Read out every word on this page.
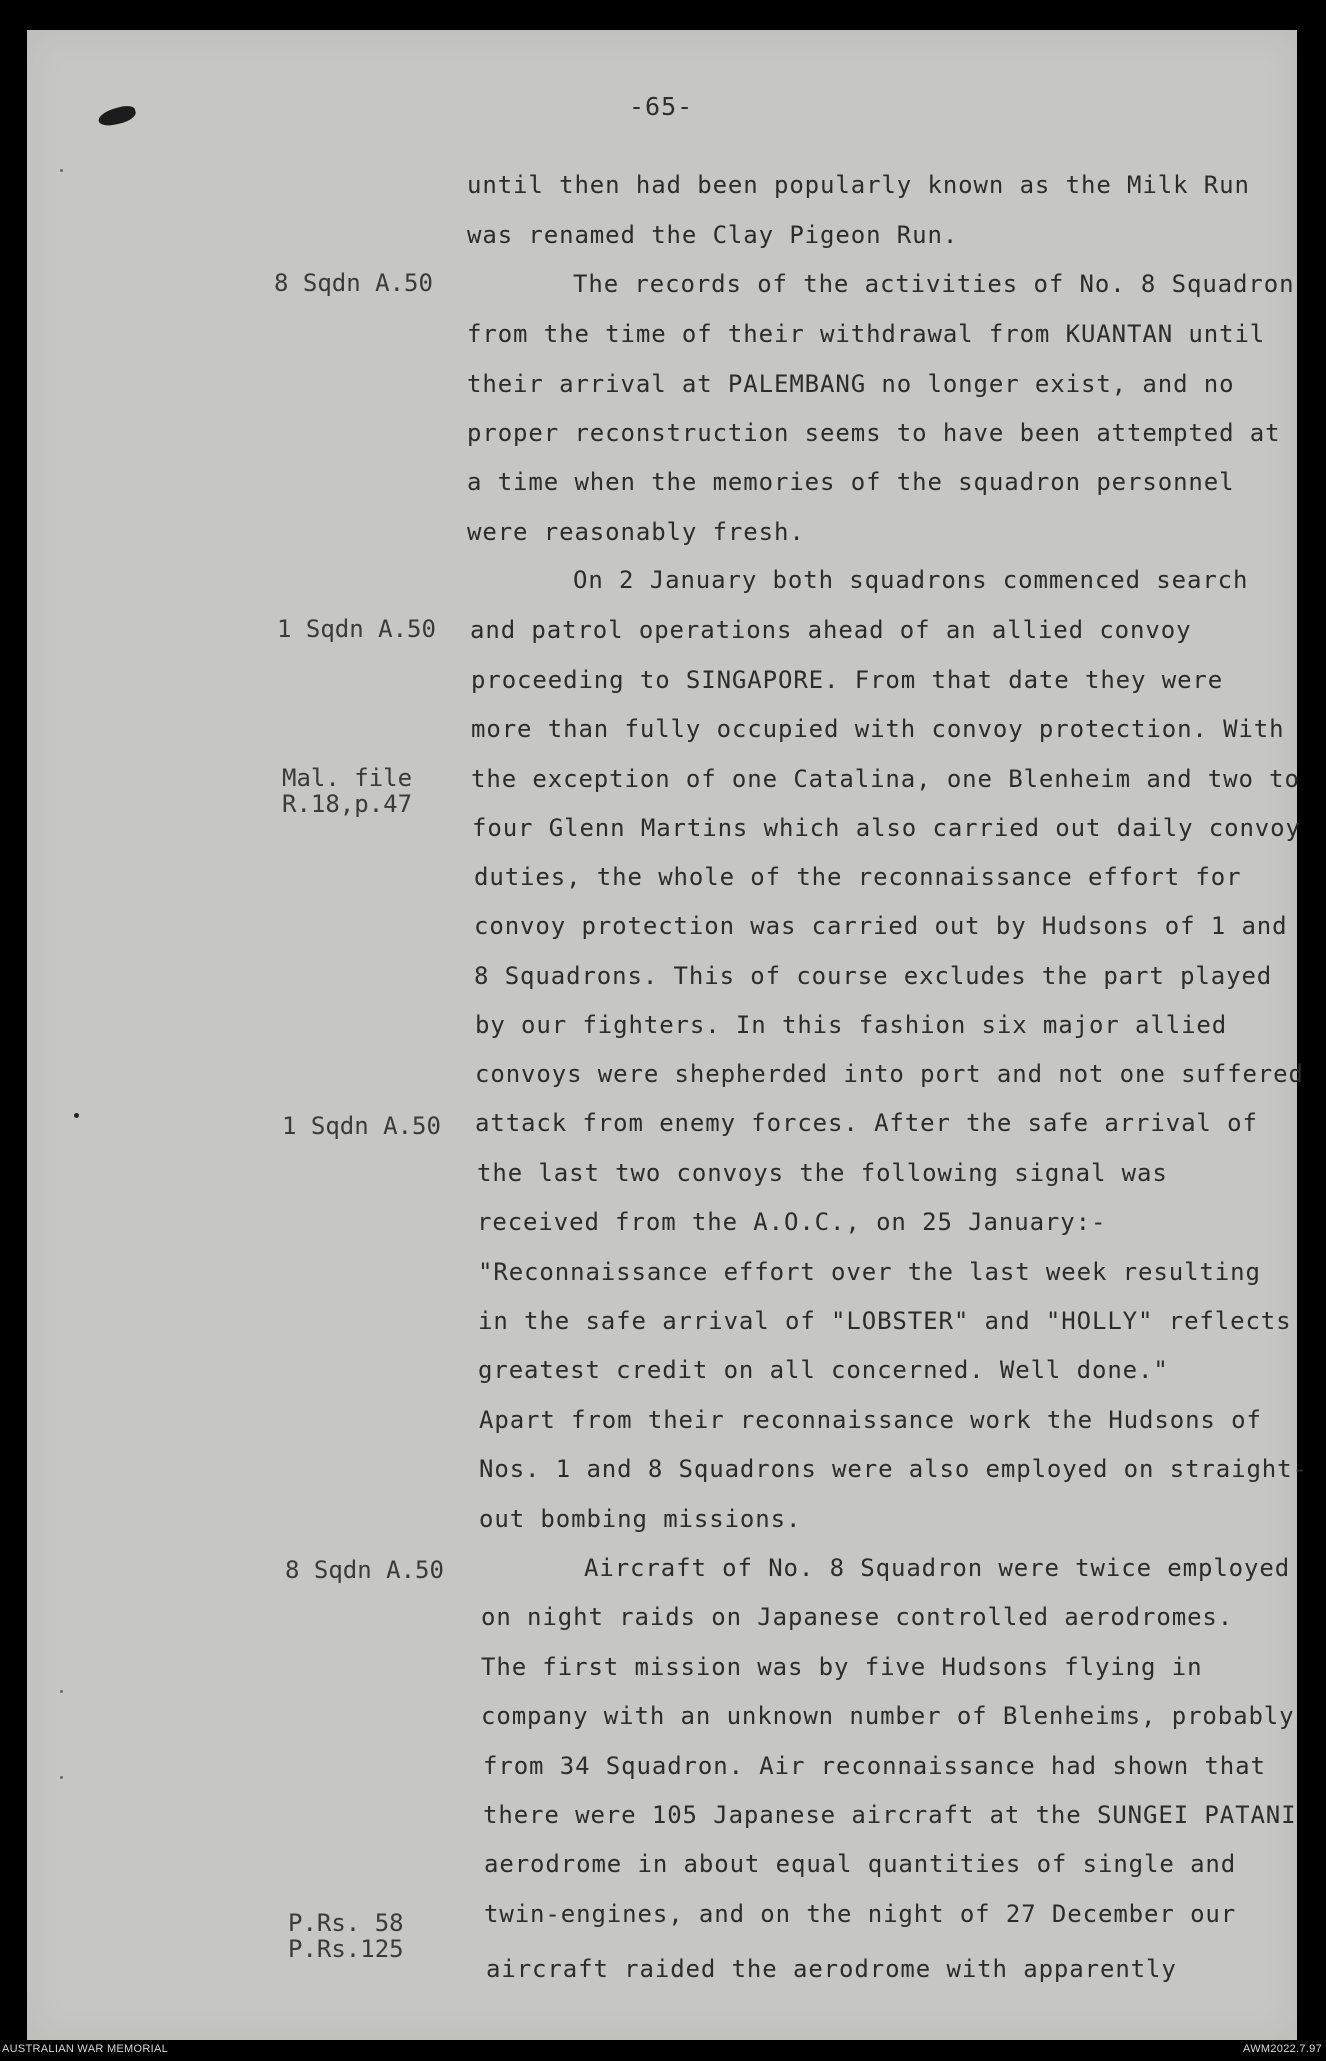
-65-
until then had been popularly known as the Milk Run
was renamed the Clay Pigeon Run.
The records of the activities of No. 8 Squadron
from the time of their withdrawal from KUANTAN until
their arrival at PALEMBANG no longer exist, and no
proper reconstruction seems to have been attempted at
a time when the memories of the squadron personnel
were reasonably fresh.
On 2 January both squadrons commenced search
and patrol operations ahead of an allied convoy
proceeding to SINGAPORE. From that date they were
more than fully occupied with convoy protection. With
the exception of one Catalina, one Blenheim and two to
four Glenn Martins which also carried out daily convoy
duties, the whole of the reconnaissance effort for
convoy protection was carried out by Hudsons of 1 and
8 Squadrons. This of course excludes the part played
by our fighters. In this fashion six major allied
convoys were shepherded into port and not one suffered
attack from enemy forces. After the safe arrival of
the last two convoys the following signal was
received from the A.O.C., on 25 January:-
"Reconnaissance effort over the last week resulting
in the safe arrival of "LOBSTER" and "HOLLY" reflects
greatest credit on all concerned. Well done."
Apart from their reconnaissance work the Hudsons of
Nos. 1 and 8 Squadrons were also employed on straight-
out bombing missions.
Aircraft of No. 8 Squadron were twice employed
on night raids on Japanese controlled aerodromes.
The first mission was by five Hudsons flying in
company with an unknown number of Blenheims, probably
from 34 Squadron. Air reconnaissance had shown that
there were 105 Japanese aircraft at the SUNGEI PATANI
aerodrome in about equal quantities of single and
twin-engines, and on the night of 27 December our
aircraft raided the aerodrome with apparently
8 Sqdn A.50
1 Sqdn A.50
Mal. file
R.18,p.47
1 Sqdn A.50
8 Sqdn A.50
P.Rs. 58
P.Rs.125
AUSTRALIAN WAR MEMORIAL	AWM2022.7.97
